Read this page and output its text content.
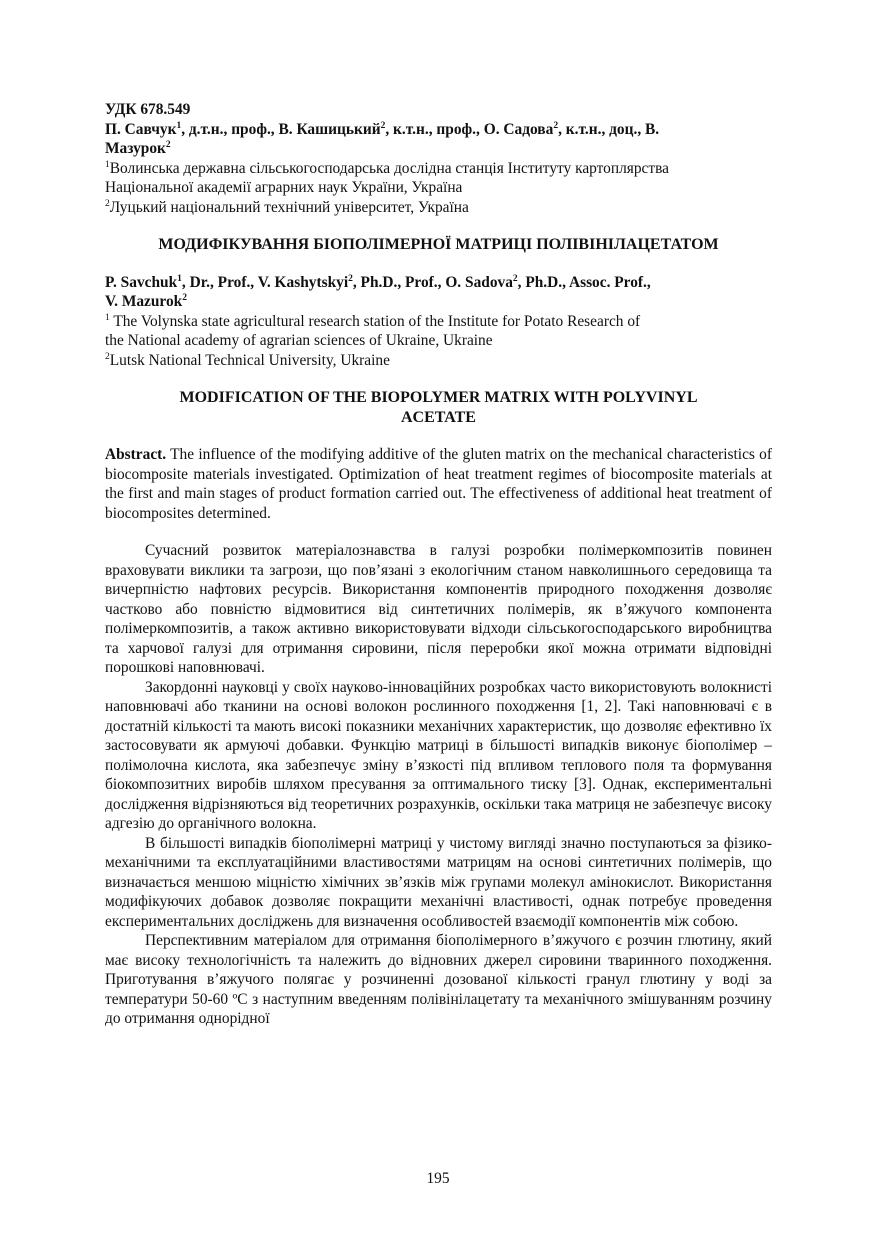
УДК 678.549
П. Савчук$^1$, д.т.н., проф., В. Кашицький$^2$, к.т.н., проф., О. Садова$^2$, к.т.н., доц., В.
Мазурок$^2$
$^1$Волинська державна сільськогосподарська дослідна станція Інституту картоплярства
Національної академії аграрних наук України, Україна
$^2$Луцький національний технічний університет, Україна
МОДИФІКУВАННЯ БІОПОЛІМЕРНОЇ МАТРИЦІ ПОЛІВІНІЛАЦЕТАТОМ
P. Savchuk$^1$, Dr., Prof., V. Kashytskyi$^2$, Ph.D., Prof., O. Sadova$^2$, Ph.D., Assoc. Prof.,
V. Mazurok$^2$
$^1$ The Volynska state agricultural research station of the Institute for Potato Research of
the National academy of agrarian sciences of Ukraine, Ukraine
$^2$Lutsk National Technical University, Ukraine
MODIFICATION OF THE BIOPOLYMER MATRIX WITH POLYVINYL
ACETATE
Abstract. The influence of the modifying additive of the gluten matrix on the mechanical characteristics of biocomposite materials investigated. Optimization of heat treatment regimes of biocomposite materials at the first and main stages of product formation carried out. The effectiveness of additional heat treatment of biocomposites determined.
Сучасний розвиток матеріалознавства в галузі розробки полімеркомпозитів повинен враховувати виклики та загрози, що пов’язані з екологічним станом навколишнього середовища та вичерпністю нафтових ресурсів. Використання компонентів природного походження дозволяє частково або повністю відмовитися від синтетичних полімерів, як в’яжучого компонента полімеркомпозитів, а також активно використовувати відходи сільськогосподарського виробництва та харчової галузі для отримання сировини, після переробки якої можна отримати відповідні порошкові наповнювачі.
Закордонні науковці у своїх науково-інноваційних розробках часто використовують волокнисті наповнювачі або тканини на основі волокон рослинного походження [1, 2]. Такі наповнювачі є в достатній кількості та мають високі показники механічних характеристик, що дозволяє ефективно їх застосовувати як армуючі добавки. Функцію матриці в більшості випадків виконує біополімер – полімолочна кислота, яка забезпечує зміну в’язкості під впливом теплового поля та формування біокомпозитних виробів шляхом пресування за оптимального тиску [3]. Однак, експериментальні дослідження відрізняються від теоретичних розрахунків, оскільки така матриця не забезпечує високу адгезію до органічного волокна.
В більшості випадків біополімерні матриці у чистому вигляді значно поступаються за фізико-механічними та експлуатаційними властивостями матрицям на основі синтетичних полімерів, що визначається меншою міцністю хімічних зв’язків між групами молекул амінокислот. Використання модифікуючих добавок дозволяє покращити механічні властивості, однак потребує проведення експериментальних досліджень для визначення особливостей взаємодії компонентів між собою.
Перспективним матеріалом для отримання біополімерного в’яжучого є розчин глютину, який має високу технологічність та належить до відновних джерел сировини тваринного походження. Приготування в’яжучого полягає у розчиненні дозованої кількості гранул глютину у воді за температури 50-60 ºС з наступним введенням полівінілацетату та механічного змішуванням розчину до отримання однорідної
195
